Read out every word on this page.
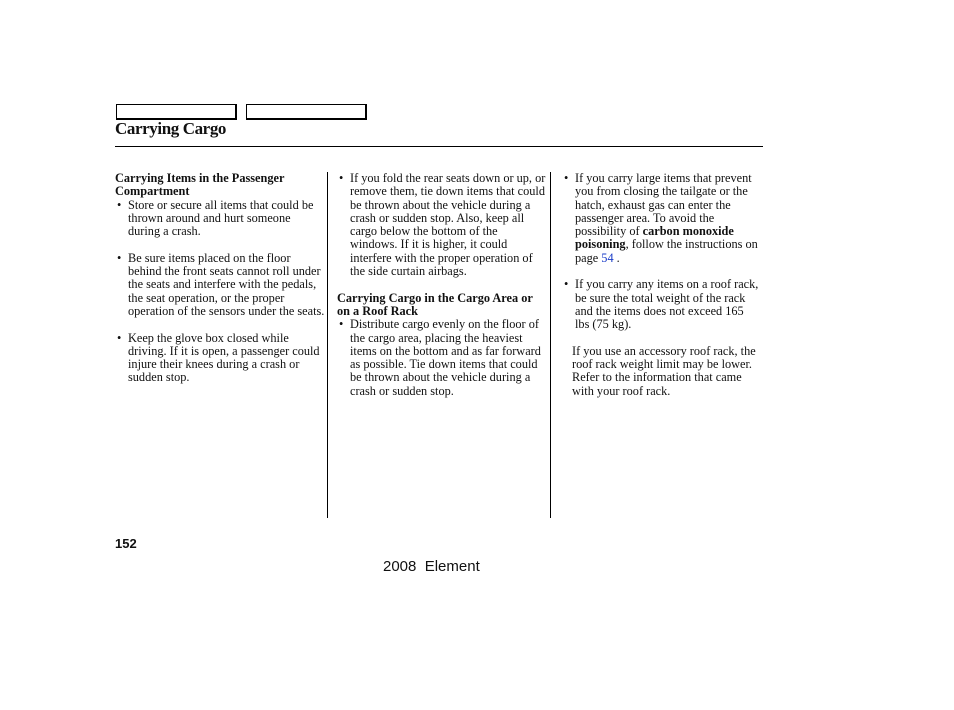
Carrying Cargo
Carrying Items in the Passenger Compartment
• Store or secure all items that could be thrown around and hurt someone during a crash.
• Be sure items placed on the floor behind the front seats cannot roll under the seats and interfere with the pedals, the seat operation, or the proper operation of the sensors under the seats.
• Keep the glove box closed while driving. If it is open, a passenger could injure their knees during a crash or sudden stop.
• If you fold the rear seats down or up, or remove them, tie down items that could be thrown about the vehicle during a crash or sudden stop. Also, keep all cargo below the bottom of the windows. If it is higher, it could interfere with the proper operation of the side curtain airbags.
Carrying Cargo in the Cargo Area or on a Roof Rack
• Distribute cargo evenly on the floor of the cargo area, placing the heaviest items on the bottom and as far forward as possible. Tie down items that could be thrown about the vehicle during a crash or sudden stop.
• If you carry large items that prevent you from closing the tailgate or the hatch, exhaust gas can enter the passenger area. To avoid the possibility of carbon monoxide poisoning, follow the instructions on page 54 .
• If you carry any items on a roof rack, be sure the total weight of the rack and the items does not exceed 165 lbs (75 kg).
If you use an accessory roof rack, the roof rack weight limit may be lower. Refer to the information that came with your roof rack.
152
2008  Element
